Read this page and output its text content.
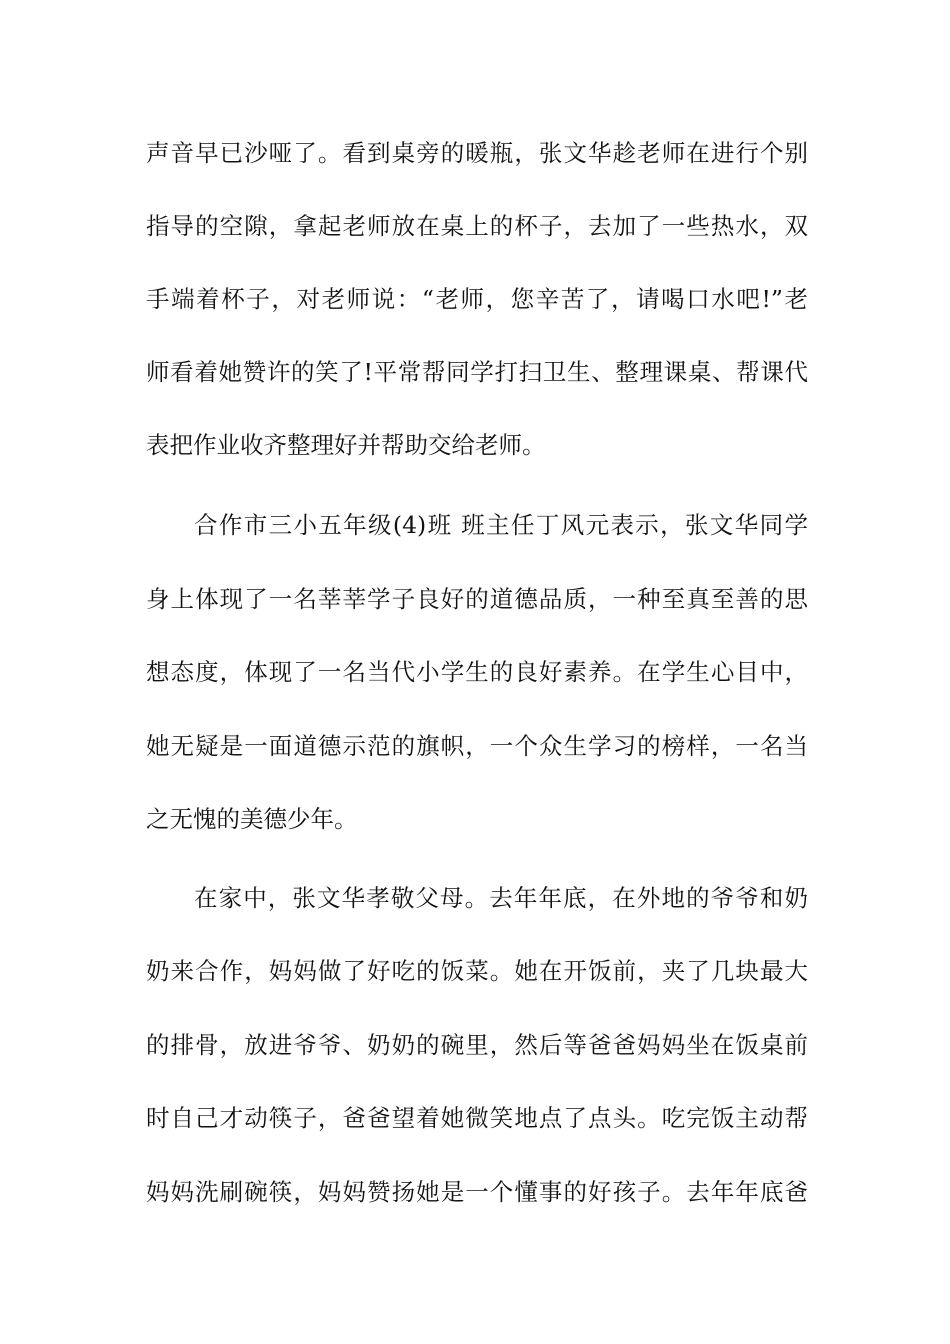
声音早已沙哑了。看到桌旁的暖瓶，张文华趁老师在进行个别
指导的空隙，拿起老师放在桌上的杯子，去加了一些热水，双
手端着杯子，对老师说：“老师，您辛苦了，请喝口水吧!”老
师看着她赞许的笑了!平常帮同学打扫卫生、整理课桌、帮课代
表把作业收齐整理好并帮助交给老师。
合作市三小五年级(4)班 班主任丁风元表示，张文华同学
身上体现了一名莘莘学子良好的道德品质，一种至真至善的思
想态度，体现了一名当代小学生的良好素养。在学生心目中，
她无疑是一面道德示范的旗帜，一个众生学习的榜样，一名当
之无愧的美德少年。
在家中，张文华孝敬父母。去年年底，在外地的爷爷和奶
奶来合作，妈妈做了好吃的饭菜。她在开饭前，夹了几块最大
的排骨，放进爷爷、奶奶的碗里，然后等爸爸妈妈坐在饭桌前
时自己才动筷子，爸爸望着她微笑地点了点头。吃完饭主动帮
妈妈洗刷碗筷，妈妈赞扬她是一个懂事的好孩子。去年年底爸
